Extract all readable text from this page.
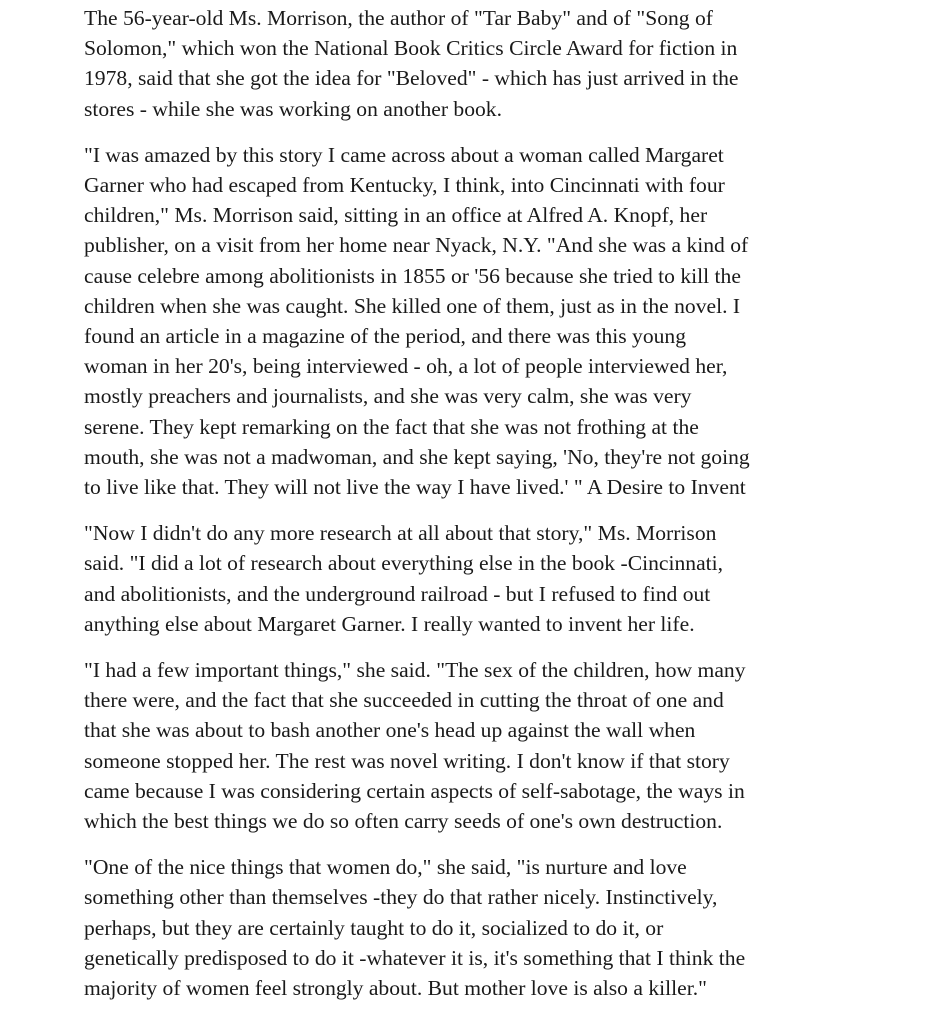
The 56-year-old Ms. Morrison, the author of "Tar Baby" and of "Song of
Solomon," which won the National Book Critics Circle Award for fiction in
1978, said that she got the idea for "Beloved" - which has just arrived in the
stores - while she was working on another book.

"I was amazed by this story I came across about a woman called Margaret
Garner who had escaped from Kentucky, I think, into Cincinnati with four
children," Ms. Morrison said, sitting in an office at Alfred A. Knopf, her
publisher, on a visit from her home near Nyack, N.Y. "And she was a kind of
cause celebre among abolitionists in 1855 or '56 because she tried to kill the
children when she was caught. She killed one of them, just as in the novel. I
found an article in a magazine of the period, and there was this young
woman in her 20's, being interviewed - oh, a lot of people interviewed her,
mostly preachers and journalists, and she was very calm, she was very
serene. They kept remarking on the fact that she was not frothing at the
mouth, she was not a madwoman, and she kept saying, 'No, they're not going
to live like that. They will not live the way I have lived.' " A Desire to Invent

"Now I didn't do any more research at all about that story," Ms. Morrison
said. "I did a lot of research about everything else in the book -Cincinnati,
and abolitionists, and the underground railroad - but I refused to find out
anything else about Margaret Garner. I really wanted to invent her life.

"I had a few important things," she said. "The sex of the children, how many
there were, and the fact that she succeeded in cutting the throat of one and
that she was about to bash another one's head up against the wall when
someone stopped her. The rest was novel writing. I don't know if that story
came because I was considering certain aspects of self-sabotage, the ways in
which the best things we do so often carry seeds of one's own destruction.

"One of the nice things that women do," she said, "is nurture and love
something other than themselves -they do that rather nicely. Instinctively,
perhaps, but they are certainly taught to do it, socialized to do it, or
genetically predisposed to do it -whatever it is, it's something that I think the
majority of women feel strongly about. But mother love is also a killer."
